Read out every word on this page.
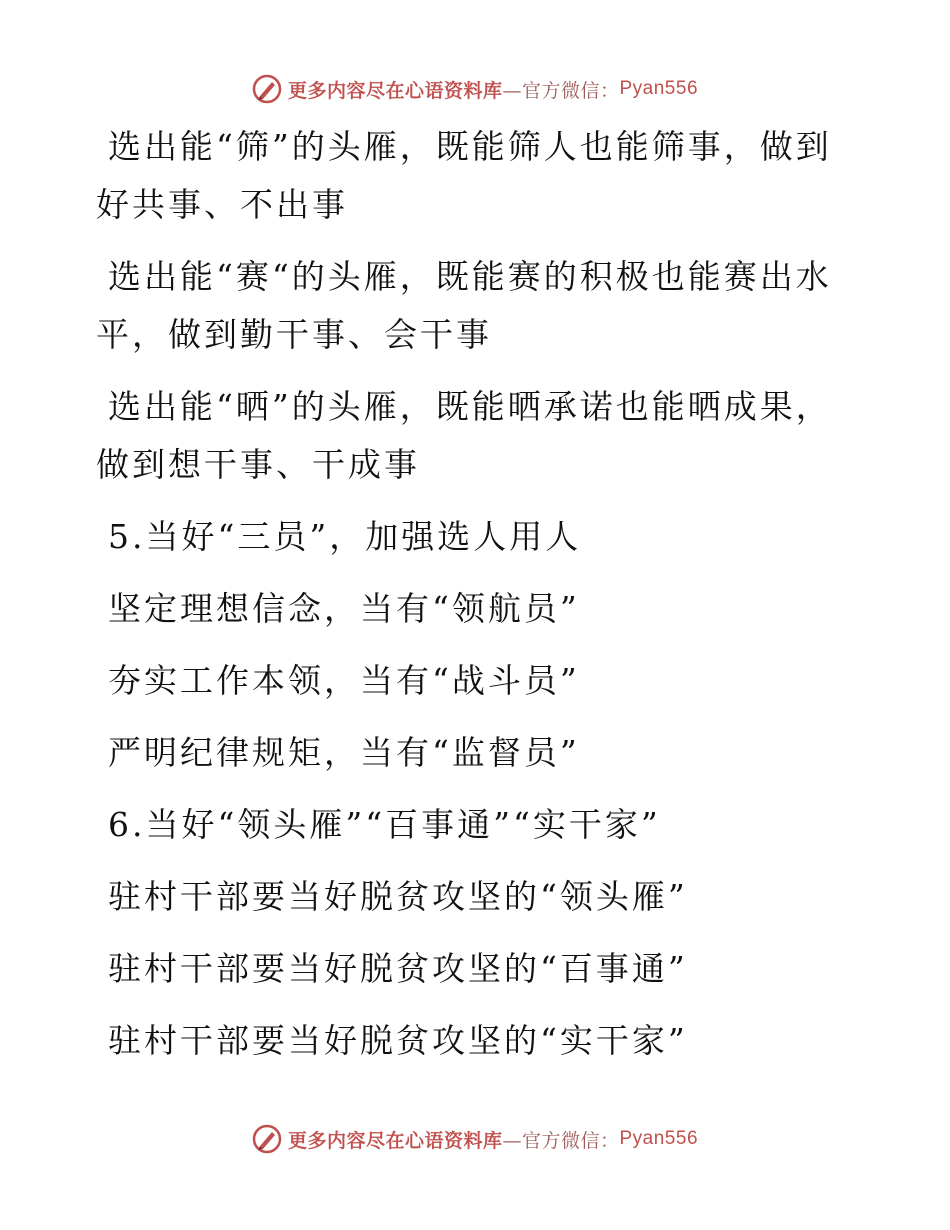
更多内容尽在心语资料库 —官方微信： Pyan556
选出能“筛”的头雁，既能筛人也能筛事，做到
好共事、不出事
选出能“赛“的头雁，既能赛的积极也能赛出水
平，做到勤干事、会干事
选出能“晒”的头雁，既能晒承诺也能晒成果，
做到想干事、干成事
5.当好“三员”，加强选人用人
坚定理想信念，当有“领航员”
夯实工作本领，当有“战斗员”
严明纪律规矩，当有“监督员”
6.当好“领头雁”“百事通”“实干家”
驻村干部要当好脱贫攻坚的“领头雁”
驻村干部要当好脱贫攻坚的“百事通”
驻村干部要当好脱贫攻坚的“实干家”
更多内容尽在心语资料库 —官方微信： Pyan556
